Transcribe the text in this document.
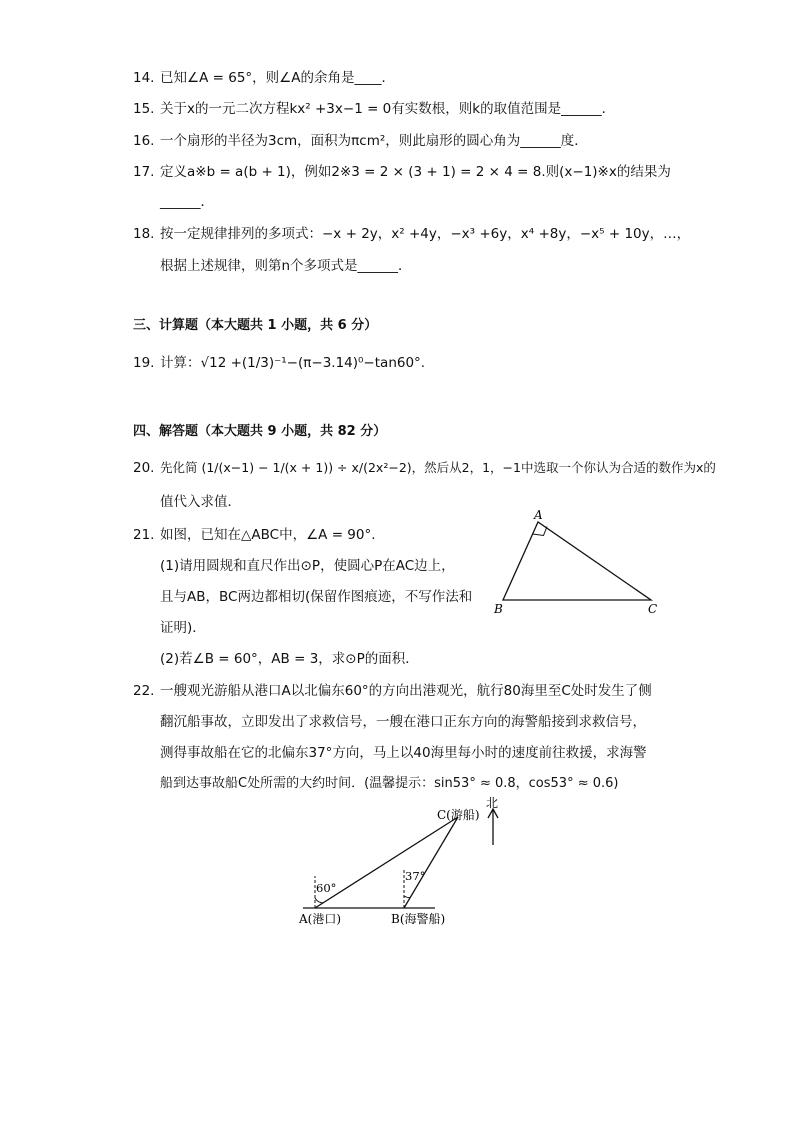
14. 已知∠A = 65°，则∠A的余角是____．
15. 关于x的一元二次方程kx² +3x−1 = 0有实数根，则k的取值范围是______．
16. 一个扇形的半径为3cm，面积为πcm²，则此扇形的圆心角为______度．
17. 定义a※b = a(b + 1)，例如2※3 = 2 × (3 + 1) = 2 × 4 = 8.则(x−1)※x的结果为
______．
18. 按一定规律排列的多项式：−x + 2y，x² +4y，−x³ +6y，x⁴ +8y，−x⁵ + 10y，…，
根据上述规律，则第n个多项式是______．
三、计算题（本大题共 1 小题，共 6 分）
19. 计算：√12 +(1/3)⁻¹−(π−3.14)⁰−tan60°.
四、解答题（本大题共 9 小题，共 82 分）
20. 先化简 (1/(x−1) − 1/(x + 1)) ÷ x/(2x²−2)，然后从2，1，−1中选取一个你认为合适的数作为x的
值代入求值．
21. 如图，已知在△ABC中，∠A = 90°.
(1)请用圆规和直尺作出⊙P，使圆心P在AC边上，
且与AB，BC两边都相切(保留作图痕迹，不写作法和
证明)．
(2)若∠B = 60°，AB = 3，求⊙P的面积．
A
B	C
22. 一艘观光游船从港口A以北偏东60°的方向出港观光，航行80海里至C处时发生了侧
翻沉船事故，立即发出了求救信号，一艘在港口正东方向的海警船接到求救信号，
测得事故船在它的北偏东37°方向，马上以40海里每小时的速度前往救援，求海警
船到达事故船C处所需的大约时间．(温馨提示：sin53° ≈ 0.8，cos53° ≈ 0.6)
北
C(游船)
60°
37°
A(港口)	B(海警船)
